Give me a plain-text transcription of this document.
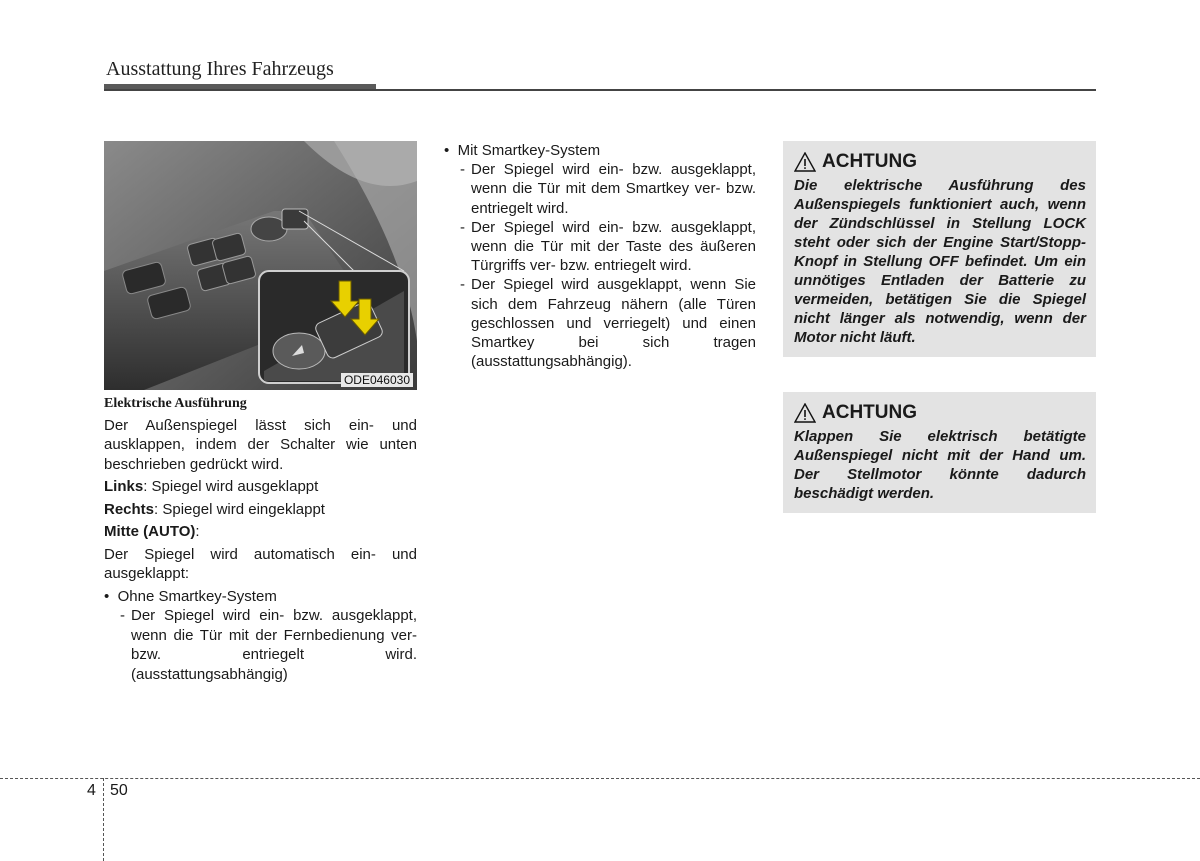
Ausstattung Ihres Fahrzeugs
ODE046030
Elektrische Ausführung
Der Außenspiegel lässt sich ein- und ausklappen, indem der Schalter wie unten beschrieben gedrückt wird.
Links: Spiegel wird ausgeklappt
Rechts: Spiegel wird eingeklappt
Mitte (AUTO):
Der Spiegel wird automatisch ein- und ausgeklappt:
•  Ohne Smartkey-System
- Der Spiegel wird ein- bzw. ausgeklappt, wenn die Tür mit der Fernbedienung ver- bzw. entriegelt wird.(ausstattungsabhängig)
•  Mit Smartkey-System
- Der Spiegel wird ein- bzw. ausgeklappt, wenn die Tür mit dem Smartkey ver- bzw. entriegelt wird.
- Der Spiegel wird ein- bzw. ausgeklappt, wenn die Tür mit der Taste des äußeren Türgriffs ver- bzw. entriegelt wird.
- Der Spiegel wird ausgeklappt, wenn Sie sich dem Fahrzeug nähern (alle Türen geschlossen und verriegelt) und einen Smartkey bei sich tragen (ausstattungsabhängig).
ACHTUNG
Die elektrische Ausführung des Außenspiegels funktioniert auch, wenn der Zündschlüssel in Stellung LOCK steht oder sich der Engine Start/Stopp-Knopf in Stellung OFF befindet. Um ein unnötiges Entladen der Batterie zu vermeiden, betätigen Sie die Spiegel nicht länger als notwendig, wenn der Motor nicht läuft.
ACHTUNG
Klappen Sie elektrisch betätigte Außenspiegel nicht mit der Hand um. Der Stellmotor könnte dadurch beschädigt werden.
4 50
